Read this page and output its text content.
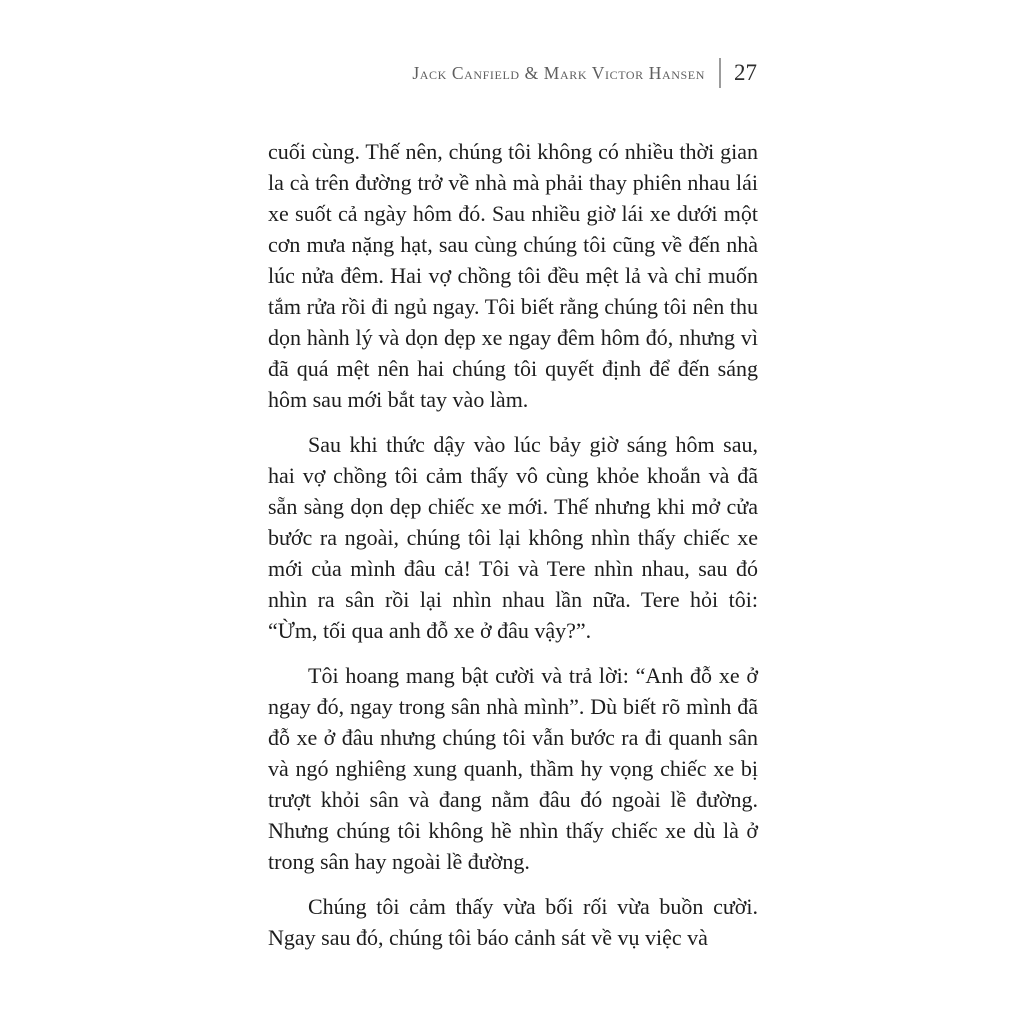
Jack Canfield & Mark Victor Hansen 27

cuối cùng. Thế nên, chúng tôi không có nhiều thời gian la cà trên đường trở về nhà mà phải thay phiên nhau lái xe suốt cả ngày hôm đó. Sau nhiều giờ lái xe dưới một cơn mưa nặng hạt, sau cùng chúng tôi cũng về đến nhà lúc nửa đêm. Hai vợ chồng tôi đều mệt lả và chỉ muốn tắm rửa rồi đi ngủ ngay. Tôi biết rằng chúng tôi nên thu dọn hành lý và dọn dẹp xe ngay đêm hôm đó, nhưng vì đã quá mệt nên hai chúng tôi quyết định để đến sáng hôm sau mới bắt tay vào làm.

Sau khi thức dậy vào lúc bảy giờ sáng hôm sau, hai vợ chồng tôi cảm thấy vô cùng khỏe khoắn và đã sẵn sàng dọn dẹp chiếc xe mới. Thế nhưng khi mở cửa bước ra ngoài, chúng tôi lại không nhìn thấy chiếc xe mới của mình đâu cả! Tôi và Tere nhìn nhau, sau đó nhìn ra sân rồi lại nhìn nhau lần nữa. Tere hỏi tôi: “Ừm, tối qua anh đỗ xe ở đâu vậy?”.

Tôi hoang mang bật cười và trả lời: “Anh đỗ xe ở ngay đó, ngay trong sân nhà mình”. Dù biết rõ mình đã đỗ xe ở đâu nhưng chúng tôi vẫn bước ra đi quanh sân và ngó nghiêng xung quanh, thầm hy vọng chiếc xe bị trượt khỏi sân và đang nằm đâu đó ngoài lề đường. Nhưng chúng tôi không hề nhìn thấy chiếc xe dù là ở trong sân hay ngoài lề đường.

Chúng tôi cảm thấy vừa bối rối vừa buồn cười. Ngay sau đó, chúng tôi báo cảnh sát về vụ việc và
